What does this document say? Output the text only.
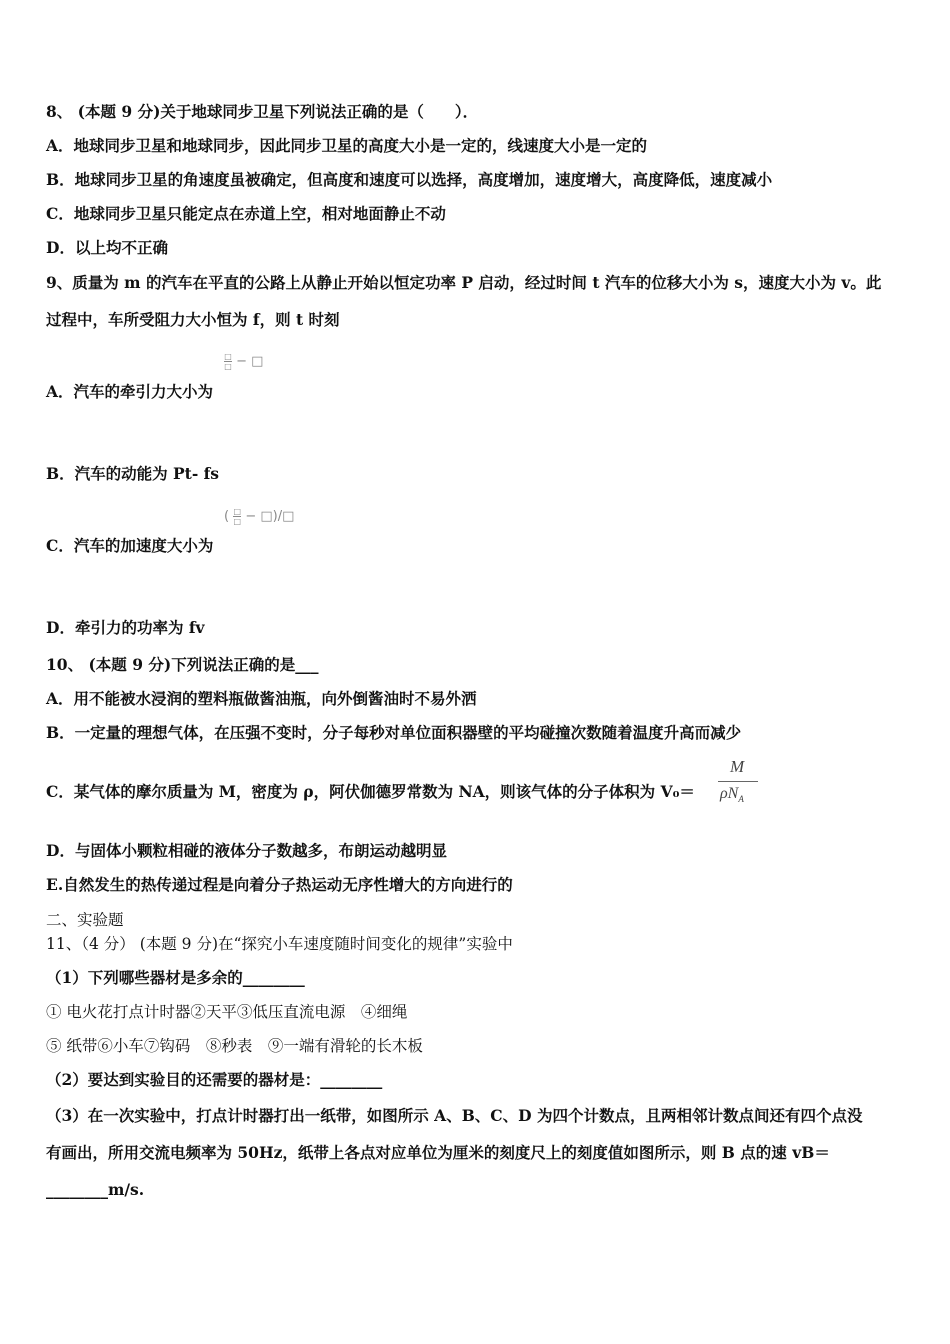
8、 (本题 9 分)关于地球同步卫星下列说法正确的是（　　）．
A．地球同步卫星和地球同步，因此同步卫星的高度大小是一定的，线速度大小是一定的
B．地球同步卫星的角速度虽被确定，但高度和速度可以选择，高度增加，速度增大，高度降低，速度减小
C．地球同步卫星只能定点在赤道上空，相对地面静止不动
D．以上均不正确
9、质量为 m 的汽车在平直的公路上从静止开始以恒定功率 P 启动，经过时间 t 汽车的位移大小为 s，速度大小为 v。此
过程中，车所受阻力大小恒为 f，则 t 时刻
$\frac{□}{□}$ − □
A．汽车的牵引力大小为
B．汽车的动能为 Pt- fs
( $\frac{□}{□}$ − □)/□
C．汽车的加速度大小为
D．牵引力的功率为 fv
10、 (本题 9 分)下列说法正确的是___
A．用不能被水浸润的塑料瓶做酱油瓶，向外倒酱油时不易外洒
B．一定量的理想气体，在压强不变时，分子每秒对单位面积器壁的平均碰撞次数随着温度升高而减少
C．某气体的摩尔质量为 M，密度为 ρ，阿伏伽德罗常数为 NA，则该气体的分子体积为 V₀＝
M
$\rho N_A$
D．与固体小颗粒相碰的液体分子数越多，布朗运动越明显
E.自然发生的热传递过程是向着分子热运动无序性增大的方向进行的
二、实验题
11、（4 分） (本题 9 分)在“探究小车速度随时间变化的规律”实验中
（1）下列哪些器材是多余的________
① 电火花打点计时器②天平③低压直流电源　④细绳
⑤ 纸带⑥小车⑦钩码　⑧秒表　⑨一端有滑轮的长木板
（2）要达到实验目的还需要的器材是：________
（3）在一次实验中，打点计时器打出一纸带，如图所示 A、B、C、D 为四个计数点，且两相邻计数点间还有四个点没
有画出，所用交流电频率为 50Hz，纸带上各点对应单位为厘米的刻度尺上的刻度值如图所示，则 B 点的速 vB＝
________m/s.
